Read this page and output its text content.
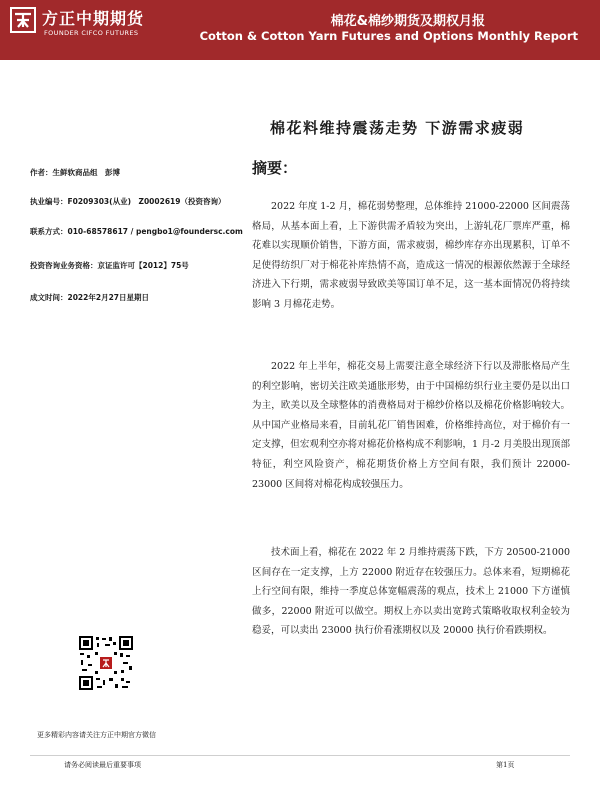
方正中期期货
FOUNDER CIFCO FUTURES
棉花&棉纱期货及期权月报
Cotton & Cotton Yarn Futures and Options Monthly Report
棉花料维持震荡走势 下游需求疲弱
作者：生鲜软商品组　彭博
执业编号：F0209303(从业)　Z0002619（投资咨询）
联系方式：010-68578617 / pengbo1@foundersc.com
投资咨询业务资格：京证监许可【2012】75号
成文时间：2022年2月27日星期日
摘要：

2022 年度 1-2 月，棉花弱势整理，总体维持 21000-22000 区间震荡格局，从基本面上看，上下游供需矛盾较为突出，上游轧花厂票库严重，棉花难以实现顺价销售，下游方面，需求疲弱，棉纱库存亦出现累积，订单不足使得纺织厂对于棉花补库热情不高，造成这一情况的根源依然源于全球经济进入下行期，需求疲弱导致欧美等国订单不足，这一基本面情况仍将持续影响 3 月棉花走势。

2022 年上半年，棉花交易上需要注意全球经济下行以及滞胀格局产生的利空影响，密切关注欧美通胀形势，由于中国棉纺织行业主要仍是以出口为主，欧美以及全球整体的消费格局对于棉纱价格以及棉花价格影响较大。从中国产业格局来看，目前轧花厂销售困难，价格维持高位，对于棉价有一定支撑，但宏观利空亦将对棉花价格构成不利影响，1 月-2 月美股出现顶部特征，利空风险资产，棉花期货价格上方空间有限，我们预计 22000-23000 区间将对棉花构成较强压力。

技术面上看，棉花在 2022 年 2 月维持震荡下跌，下方 20500-21000 区间存在一定支撑，上方 22000 附近存在较强压力。总体来看，短期棉花上行空间有限，维持一季度总体宽幅震荡的观点，技术上 21000 下方谨慎做多，22000 附近可以做空。期权上亦以卖出宽跨式策略收取权利金较为稳妥，可以卖出 23000 执行价看涨期权以及 20000 执行价看跌期权。

更多精彩内容请关注方正中期官方微信
请务必阅读最后重要事项	第1页
